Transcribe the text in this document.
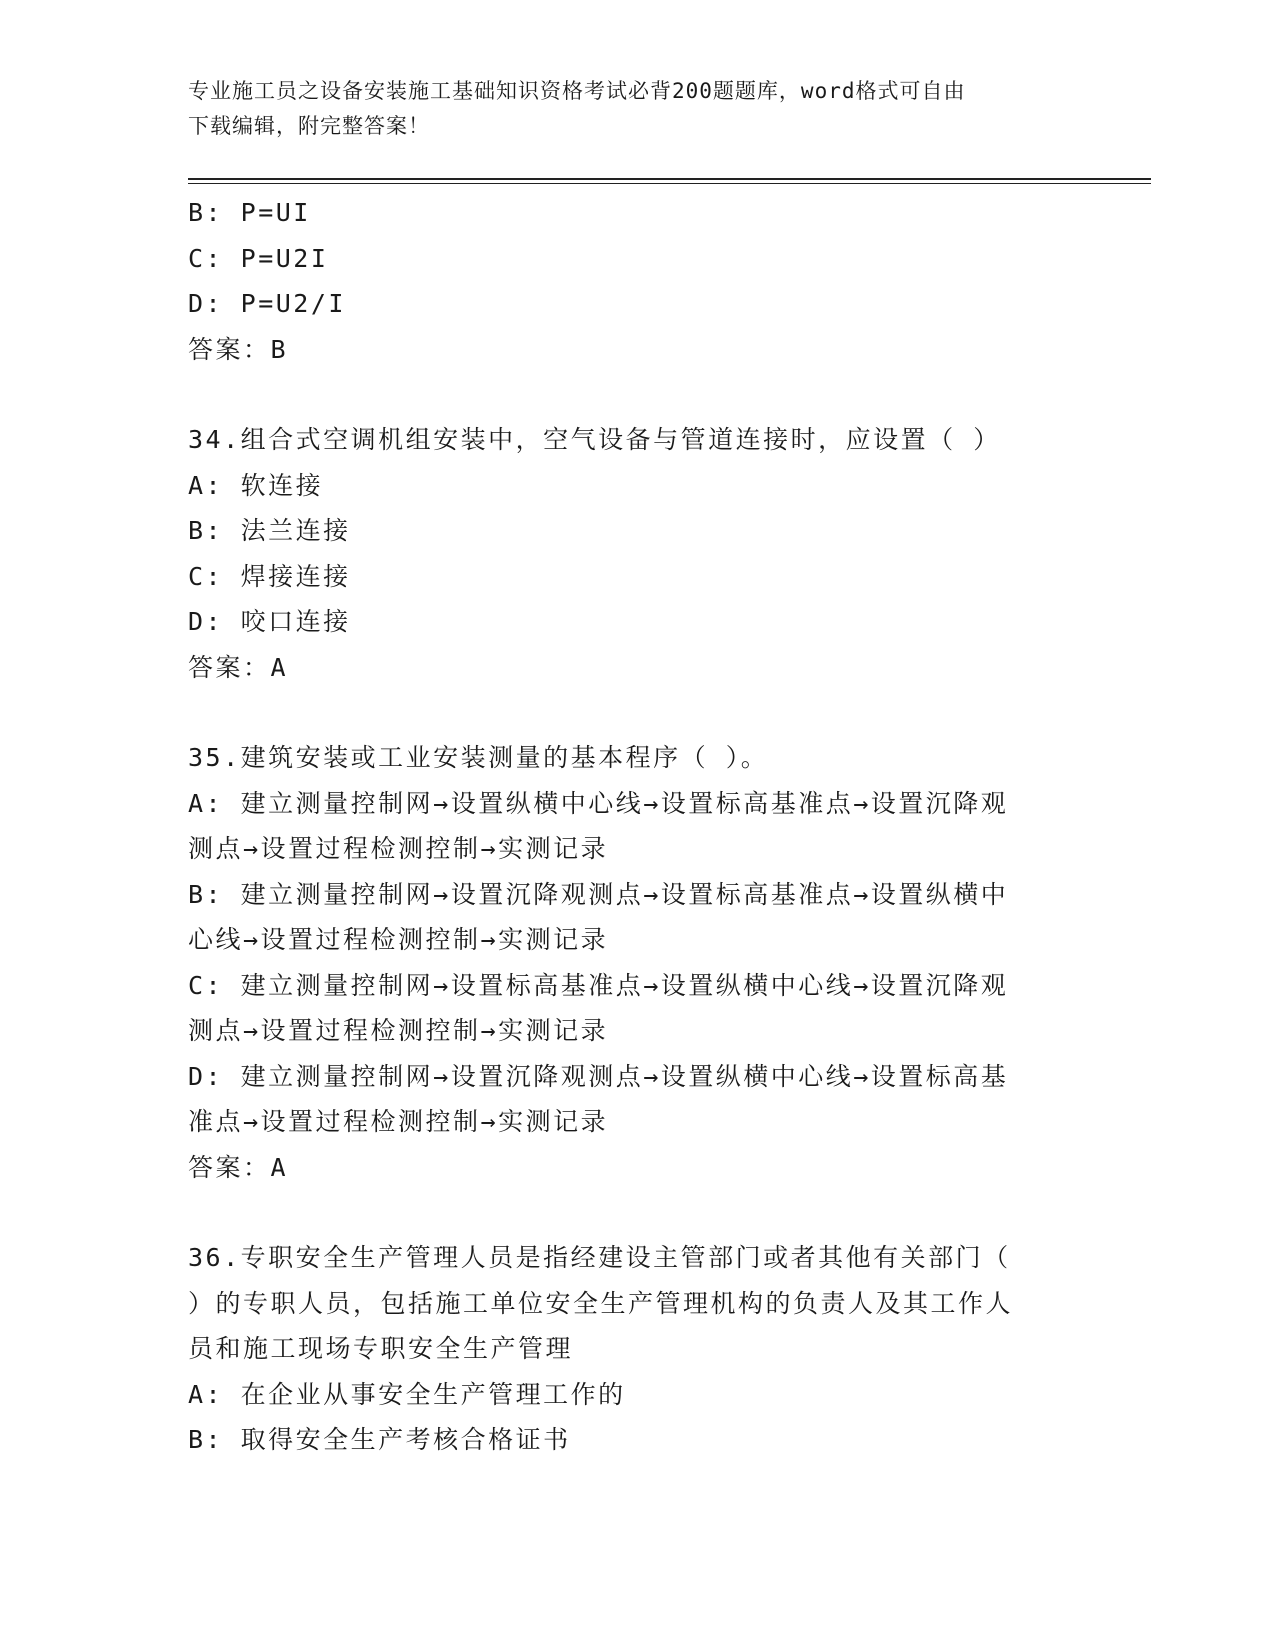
专业施工员之设备安装施工基础知识资格考试必背200题题库，word格式可自由
下载编辑，附完整答案！

B: P=UI

C: P=U2I

D: P=U2/I

答案：B

34.组合式空调机组安装中，空气设备与管道连接时，应设置（ ）

A: 软连接

B: 法兰连接

C: 焊接连接

D: 咬口连接

答案：A

35.建筑安装或工业安装测量的基本程序（ ）。

A: 建立测量控制网→设置纵横中心线→设置标高基准点→设置沉降观

测点→设置过程检测控制→实测记录

B: 建立测量控制网→设置沉降观测点→设置标高基准点→设置纵横中

心线→设置过程检测控制→实测记录

C: 建立测量控制网→设置标高基准点→设置纵横中心线→设置沉降观

测点→设置过程检测控制→实测记录

D: 建立测量控制网→设置沉降观测点→设置纵横中心线→设置标高基

准点→设置过程检测控制→实测记录

答案：A

36.专职安全生产管理人员是指经建设主管部门或者其他有关部门（

）的专职人员，包括施工单位安全生产管理机构的负责人及其工作人

员和施工现场专职安全生产管理

A: 在企业从事安全生产管理工作的

B: 取得安全生产考核合格证书
